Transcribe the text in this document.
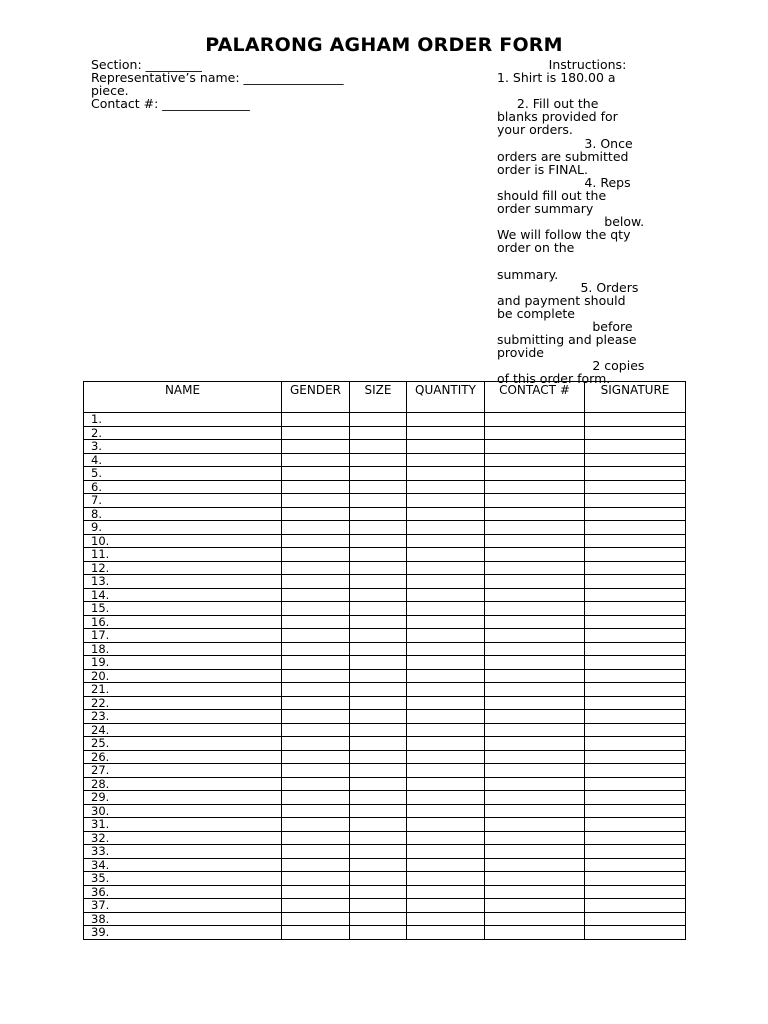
PALARONG AGHAM ORDER FORM
Section: _________
Representative’s name: ________________
piece.
Contact #: ______________
Instructions:
1. Shirt is 180.00 a

2. Fill out the
blanks provided for
your orders.
3. Once
orders are submitted
order is FINAL.
4. Reps
should fill out the
order summary
below.
We will follow the qty
order on the

summary.
5. Orders
and payment should
be complete
before
submitting and please
provide
2 copies
of this order form.
NAME	GENDER	SIZE	QUANTITY	CONTACT #	SIGNATURE
1.					
2.					
3.					
4.					
5.					
6.					
7.					
8.					
9.					
10.					
11.					
12.					
13.					
14.					
15.					
16.					
17.					
18.					
19.					
20.					
21.					
22.					
23.					
24.					
25.					
26.					
27.					
28.					
29.					
30.					
31.					
32.					
33.					
34.					
35.					
36.					
37.					
38.					
39.					
